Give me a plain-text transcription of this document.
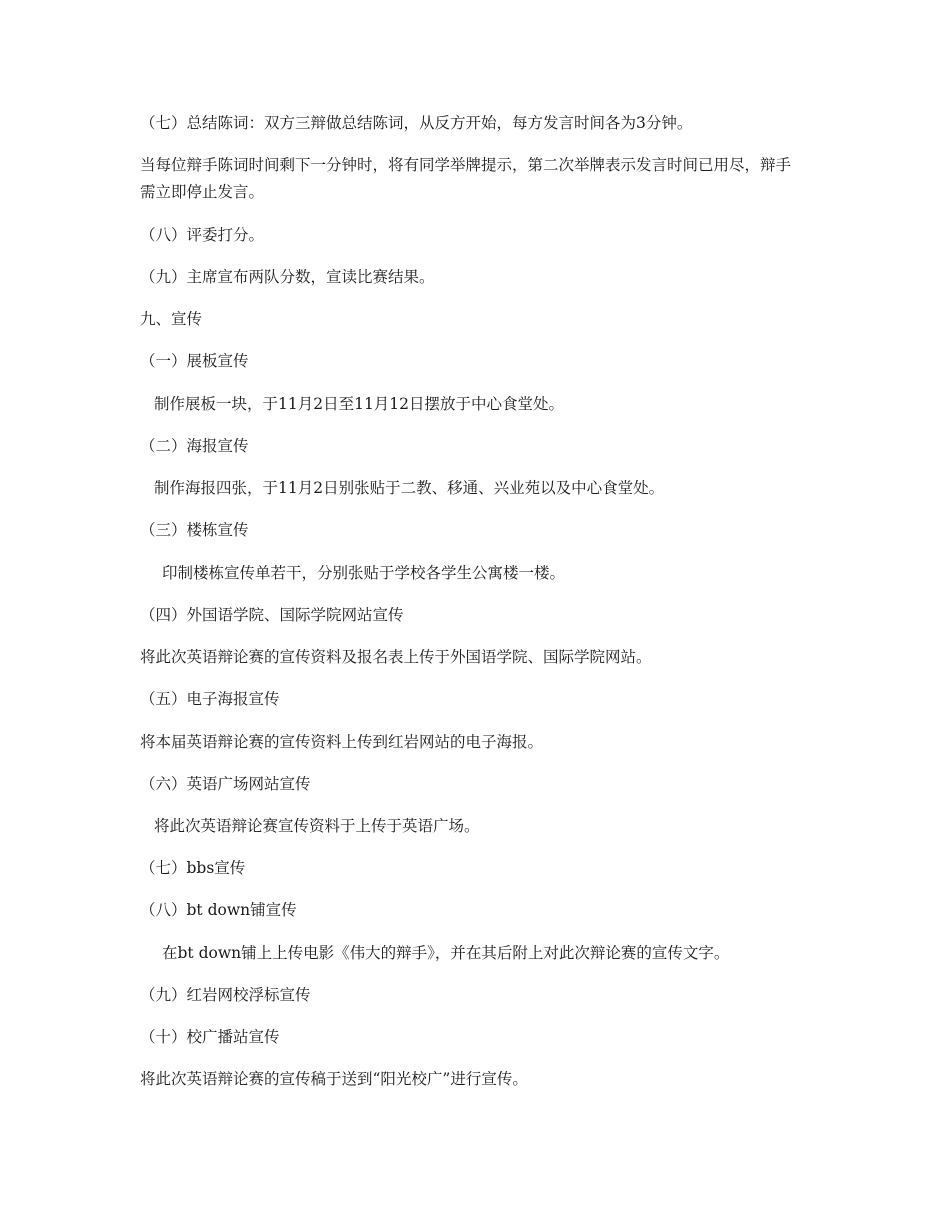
（七）总结陈词：双方三辩做总结陈词，从反方开始，每方发言时间各为3分钟。
当每位辩手陈词时间剩下一分钟时，将有同学举牌提示，第二次举牌表示发言时间已用尽，辩手需立即停止发言。
（八）评委打分。
（九）主席宣布两队分数，宣读比赛结果。
九、宣传
（一）展板宣传
制作展板一块，于11月2日至11月12日摆放于中心食堂处。
（二）海报宣传
制作海报四张，于11月2日别张贴于二教、移通、兴业苑以及中心食堂处。
（三）楼栋宣传
印制楼栋宣传单若干，分别张贴于学校各学生公寓楼一楼。
（四）外国语学院、国际学院网站宣传
将此次英语辩论赛的宣传资料及报名表上传于外国语学院、国际学院网站。
（五）电子海报宣传
将本届英语辩论赛的宣传资料上传到红岩网站的电子海报。
（六）英语广场网站宣传
将此次英语辩论赛宣传资料于上传于英语广场。
（七）bbs宣传
（八）bt down铺宣传
在bt down铺上上传电影《伟大的辩手》，并在其后附上对此次辩论赛的宣传文字。
（九）红岩网校浮标宣传
（十）校广播站宣传
将此次英语辩论赛的宣传稿于送到“阳光校广”进行宣传。
